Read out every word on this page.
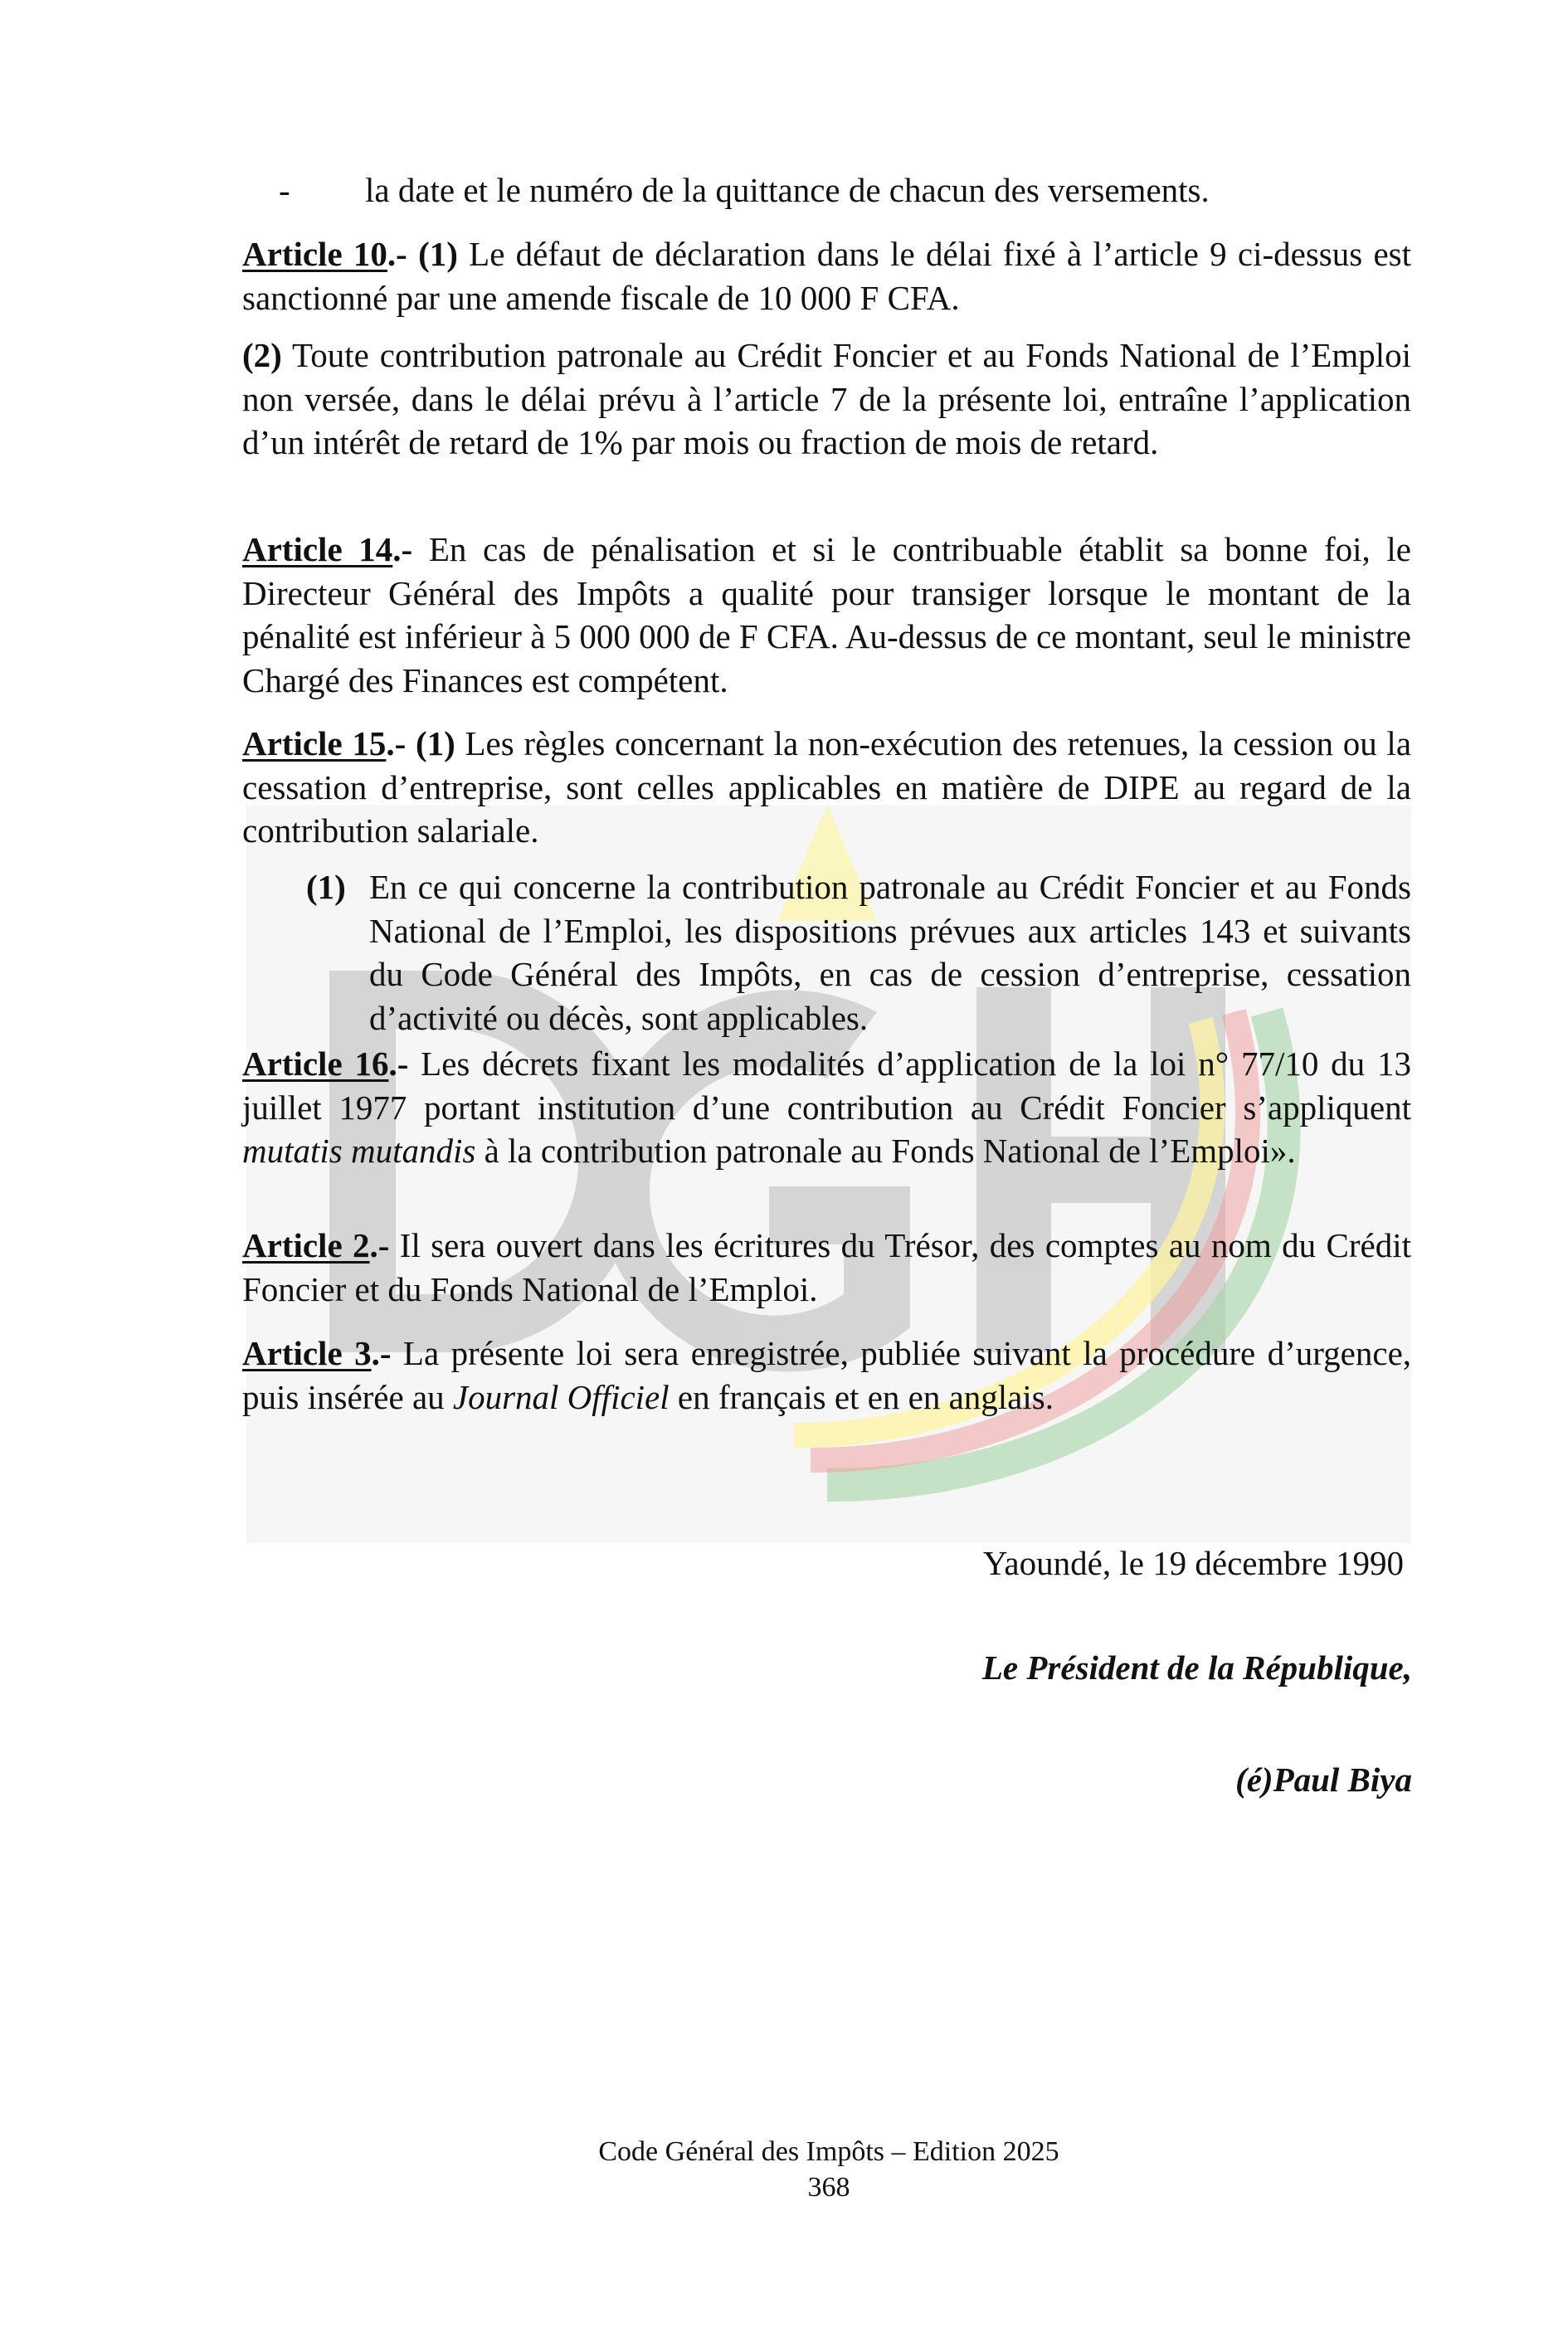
-	la date et le numéro de la quittance de chacun des versements.
Article 10.- (1) Le défaut de déclaration dans le délai fixé à l’article 9 ci-dessus est sanctionné par une amende fiscale de 10 000 F CFA.
(2) Toute contribution patronale au Crédit Foncier et au Fonds National de l’Emploi non versée, dans le délai prévu à l’article 7 de la présente loi, entraîne l’application d’un intérêt de retard de 1% par mois ou fraction de mois de retard.
Article 14.- En cas de pénalisation et si le contribuable établit sa bonne foi, le Directeur Général des Impôts a qualité pour transiger lorsque le montant de la pénalité est inférieur à 5 000 000 de F CFA. Au-dessus de ce montant, seul le ministre Chargé des Finances est compétent.
Article 15.- (1) Les règles concernant la non-exécution des retenues, la cession ou la cessation d’entreprise, sont celles applicables en matière de DIPE au regard de la contribution salariale.
(1) En ce qui concerne la contribution patronale au Crédit Foncier et au Fonds National de l’Emploi, les dispositions prévues aux articles 143 et suivants du Code Général des Impôts, en cas de cession d’entreprise, cessation d’activité ou décès, sont applicables.
Article 16.- Les décrets fixant les modalités d’application de la loi n° 77/10 du 13 juillet 1977 portant institution d’une contribution au Crédit Foncier s’appliquent mutatis mutandis à la contribution patronale au Fonds National de l’Emploi».
Article 2.- Il sera ouvert dans les écritures du Trésor, des comptes au nom du Crédit Foncier et du Fonds National de l’Emploi.
Article 3.- La présente loi sera enregistrée, publiée suivant la procédure d’urgence, puis insérée au Journal Officiel en français et en en anglais.
Yaoundé, le 19 décembre 1990
Le Président de la République,
(é)Paul Biya
Code Général des Impôts – Edition 2025
368
